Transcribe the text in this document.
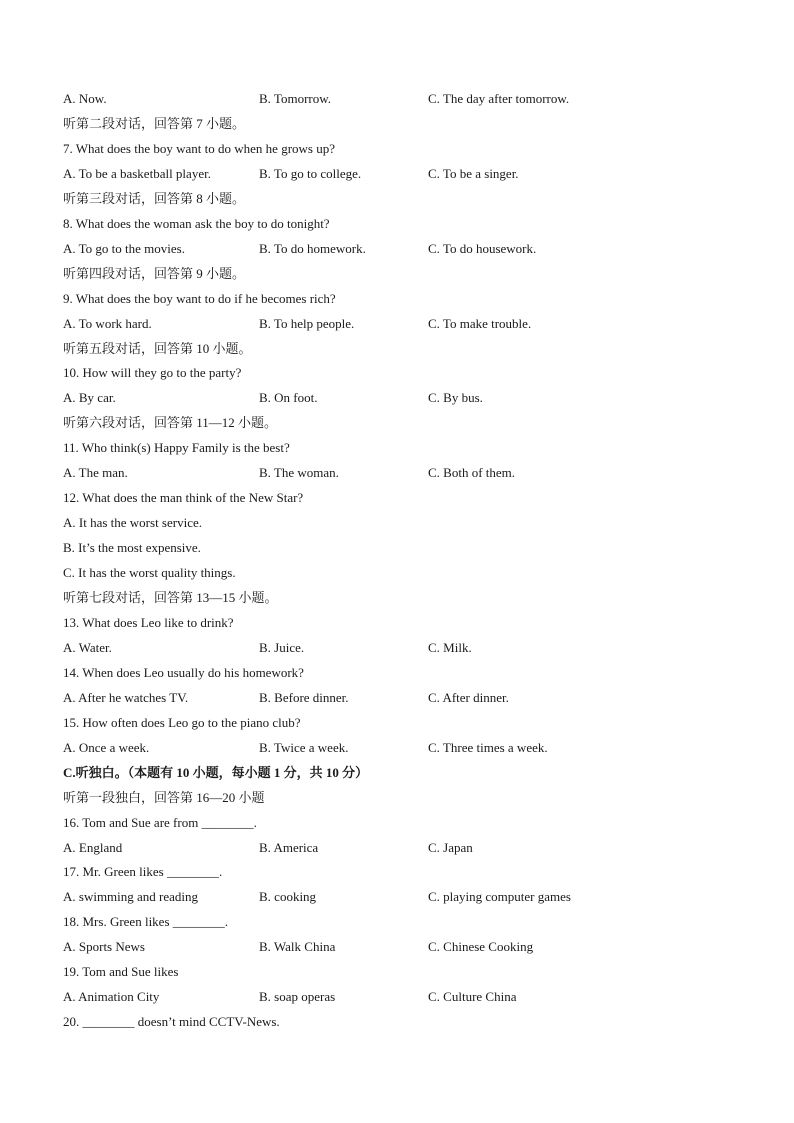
A. Now.	B. Tomorrow.	C. The day after tomorrow.
听第二段对话，回答第 7 小题。
7. What does the boy want to do when he grows up?
A. To be a basketball player.	B. To go to college.	C. To be a singer.
听第三段对话，回答第 8 小题。
8. What does the woman ask the boy to do tonight?
A. To go to the movies.	B. To do homework.	C. To do housework.
听第四段对话，回答第 9 小题。
9. What does the boy want to do if he becomes rich?
A. To work hard.	B. To help people.	C. To make trouble.
听第五段对话，回答第 10 小题。
10. How will they go to the party?
A. By car.	B. On foot.	C. By bus.
听第六段对话，回答第 11—12 小题。
11. Who think(s) Happy Family is the best?
A. The man.	B. The woman.	C. Both of them.
12. What does the man think of the New Star?
A. It has the worst service.
B. It’s the most expensive.
C. It has the worst quality things.
听第七段对话，回答第 13—15 小题。
13. What does Leo like to drink?
A. Water.	B. Juice.	C. Milk.
14. When does Leo usually do his homework?
A. After he watches TV.	B. Before dinner.	C. After dinner.
15. How often does Leo go to the piano club?
A. Once a week.	B. Twice a week.	C. Three times a week.
C.听独白。（本题有 10 小题，每小题 1 分，共 10 分）
听第一段独白，回答第 16—20 小题
16. Tom and Sue are from ________.
A. England	B. America	C. Japan
17. Mr. Green likes ________.
A. swimming and reading	B. cooking	C. playing computer games
18. Mrs. Green likes ________.
A. Sports News	B. Walk China	C. Chinese Cooking
19. Tom and Sue likes
A. Animation City	B. soap operas	C. Culture China
20. ________ doesn’t mind CCTV-News.
